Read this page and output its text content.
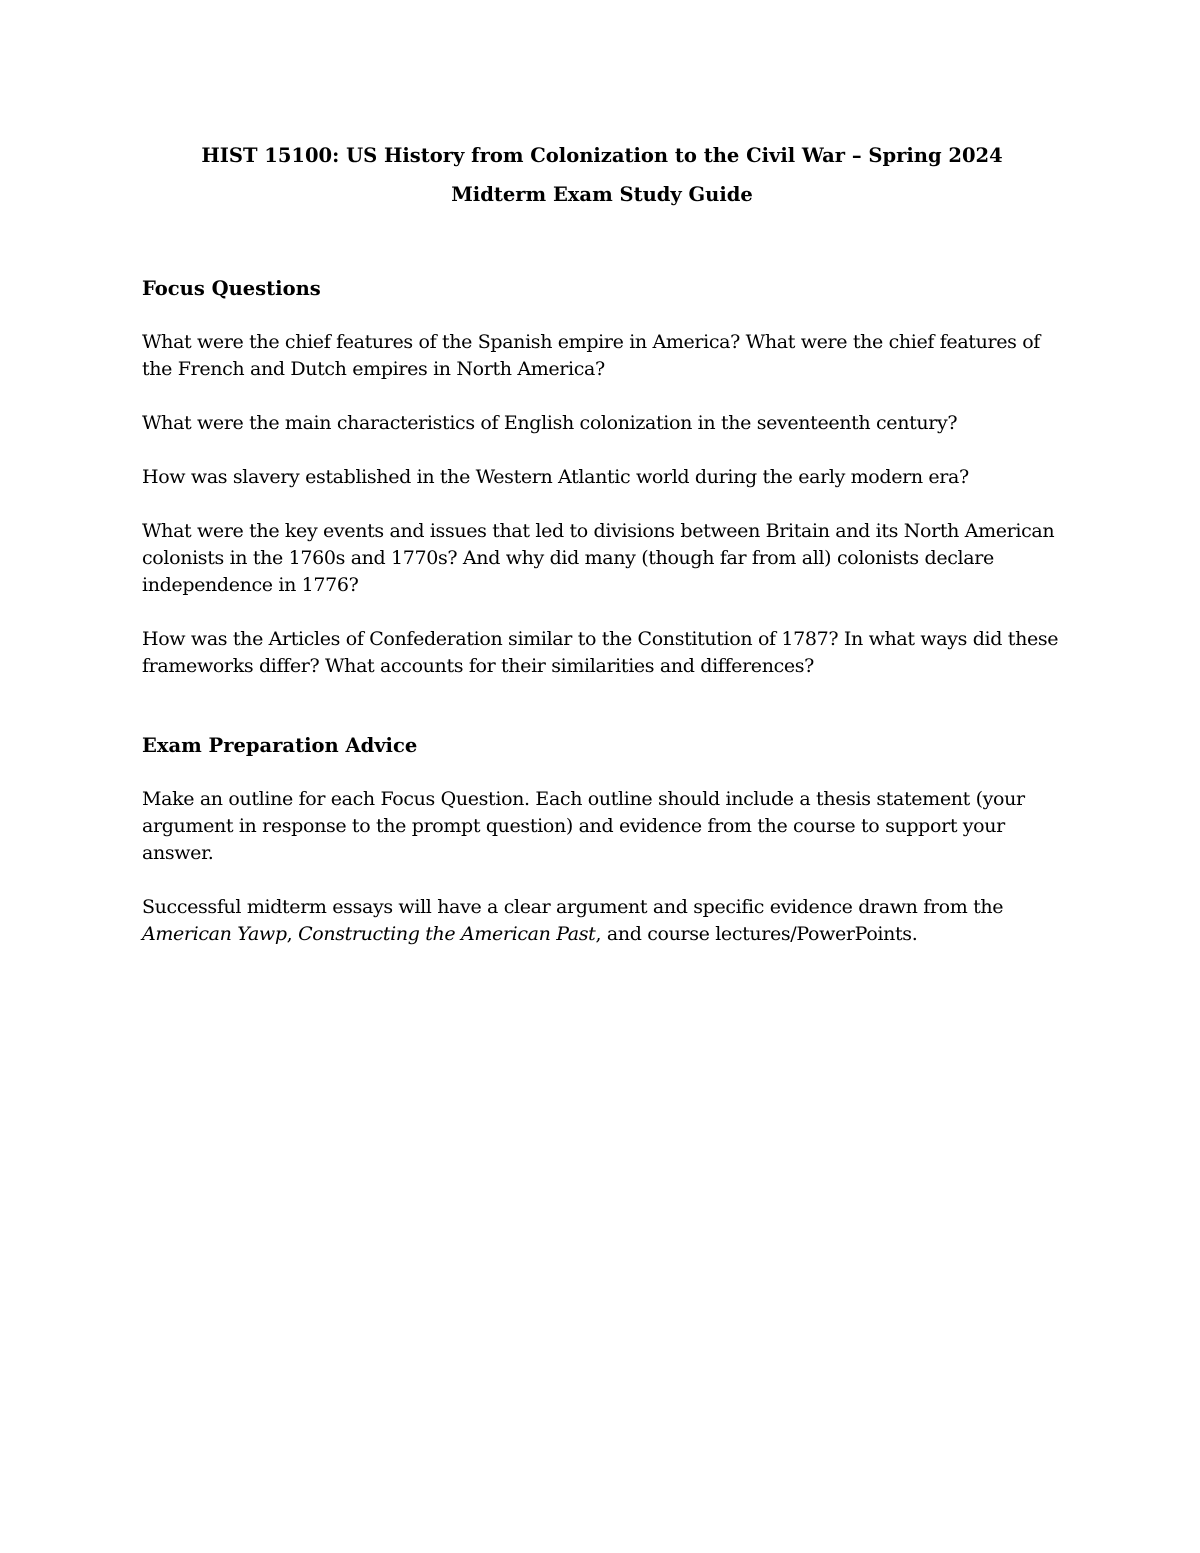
HIST 15100: US History from Colonization to the Civil War – Spring 2024
Midterm Exam Study Guide
Focus Questions

What were the chief features of the Spanish empire in America? What were the chief features of the French and Dutch empires in North America?

What were the main characteristics of English colonization in the seventeenth century?

How was slavery established in the Western Atlantic world during the early modern era?

What were the key events and issues that led to divisions between Britain and its North American colonists in the 1760s and 1770s? And why did many (though far from all) colonists declare independence in 1776?

How was the Articles of Confederation similar to the Constitution of 1787? In what ways did these frameworks differ? What accounts for their similarities and differences?

Exam Preparation Advice

Make an outline for each Focus Question. Each outline should include a thesis statement (your argument in response to the prompt question) and evidence from the course to support your answer.

Successful midterm essays will have a clear argument and specific evidence drawn from the American Yawp, Constructing the American Past, and course lectures/PowerPoints.
